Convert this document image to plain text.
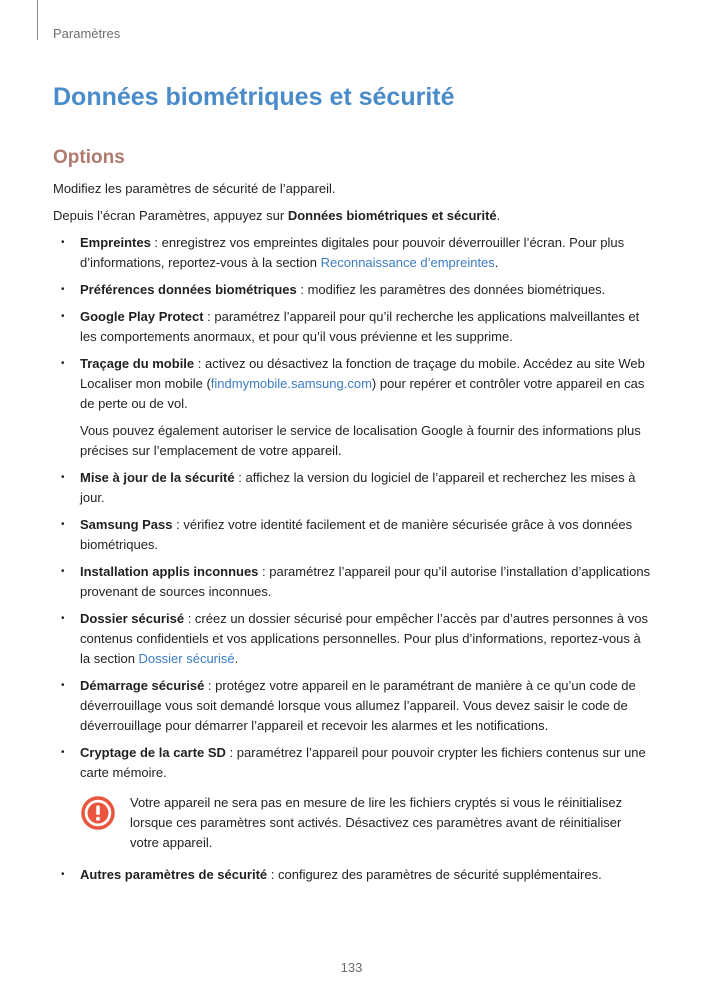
Paramètres
Données biométriques et sécurité
Options

Modifiez les paramètres de sécurité de l’appareil.

Depuis l’écran Paramètres, appuyez sur Données biométriques et sécurité.

• Empreintes : enregistrez vos empreintes digitales pour pouvoir déverrouiller l’écran. Pour plus d’informations, reportez-vous à la section Reconnaissance d’empreintes.
• Préférences données biométriques : modifiez les paramètres des données biométriques.
• Google Play Protect : paramétrez l’appareil pour qu’il recherche les applications malveillantes et les comportements anormaux, et pour qu’il vous prévienne et les supprime.
• Traçage du mobile : activez ou désactivez la fonction de traçage du mobile. Accédez au site Web Localiser mon mobile (findmymobile.samsung.com) pour repérer et contrôler votre appareil en cas de perte ou de vol.

Vous pouvez également autoriser le service de localisation Google à fournir des informations plus précises sur l’emplacement de votre appareil.

• Mise à jour de la sécurité : affichez la version du logiciel de l’appareil et recherchez les mises à jour.
• Samsung Pass : vérifiez votre identité facilement et de manière sécurisée grâce à vos données biométriques.
• Installation applis inconnues : paramétrez l’appareil pour qu’il autorise l’installation d’applications provenant de sources inconnues.
• Dossier sécurisé : créez un dossier sécurisé pour empêcher l’accès par d’autres personnes à vos contenus confidentiels et vos applications personnelles. Pour plus d’informations, reportez-vous à la section Dossier sécurisé.
• Démarrage sécurisé : protégez votre appareil en le paramétrant de manière à ce qu’un code de déverrouillage vous soit demandé lorsque vous allumez l’appareil. Vous devez saisir le code de déverrouillage pour démarrer l’appareil et recevoir les alarmes et les notifications.
• Cryptage de la carte SD : paramétrez l’appareil pour pouvoir crypter les fichiers contenus sur une carte mémoire.
Votre appareil ne sera pas en mesure de lire les fichiers cryptés si vous le réinitialisez lorsque ces paramètres sont activés. Désactivez ces paramètres avant de réinitialiser votre appareil.
• Autres paramètres de sécurité : configurez des paramètres de sécurité supplémentaires.
133
